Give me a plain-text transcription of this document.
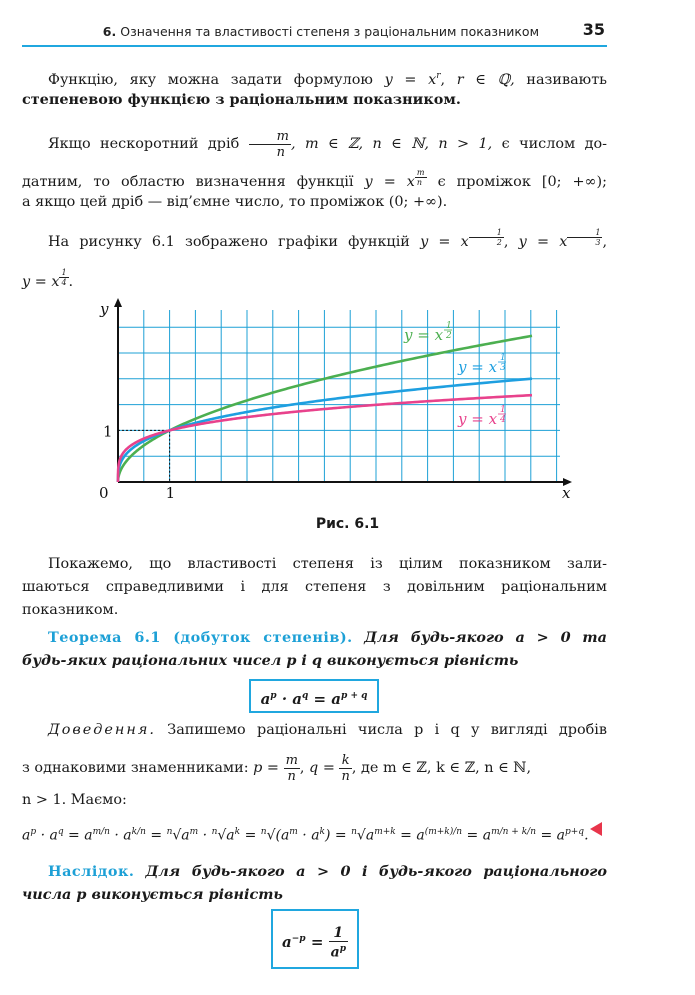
6. Означення та властивості степеня з раціональним показником	35
Функцію, яку можна задати формулою $y = x^r$, r ∈ ℚ, називають
степеневою функцією з раціональним показником.
Якщо нескоротний дріб $\frac{m}{n}$ , m ∈ ℤ, n ∈ ℕ, n > 1, є числом до-
датним, то областю визначення функції y = x $^{\frac{m}{n}}$ є проміжок [0; +∞);
а якщо цей дріб — від’ємне число, то проміжок (0; +∞).
На рисунку 6.1 зображено графіки функцій y = x $^{\frac{1}{2}}$ , y = x $^{\frac{1}{3}}$ ,
y = x $^{\frac{1}{4}}$ .
0	1
1
x
y
y = x 1
2
y = x 1
3
y = x 1
4
Рис. 6.1
Покажемо, що властивості степеня із цілим показником зали-
шаються справедливими і для степеня з довільним раціональним
показником.
Теорема 6.1 (добуток степенів). Для будь-якого a > 0 та
будь-яких раціональних чисел p і q виконується рівність
$a^p \cdot a^q = a^{p + q}$
Доведення. Запишемо раціональні числа p і q у вигляді дробів
з однаковими знаменниками: $p = \frac{m}{n}$ , $q = \frac{k}{n}$ , де m ∈ ℤ, k ∈ ℤ, n ∈ ℕ,
n > 1. Маємо:
$a^p \cdot a^q = a^{m/n} \cdot a^{k/n} = ^n√a^m \cdot ^n√a^k = ^n√(a^m \cdot a^k) = ^n√a^{m+k} = a^{(m+k)/n} = a^{m/n + k/n} = a^{p+q}$.
Наслідок. Для будь-якого a > 0 і будь-якого раціонального
числа p виконується рівність
$a^{-p} = \frac{1}{a^p}$
